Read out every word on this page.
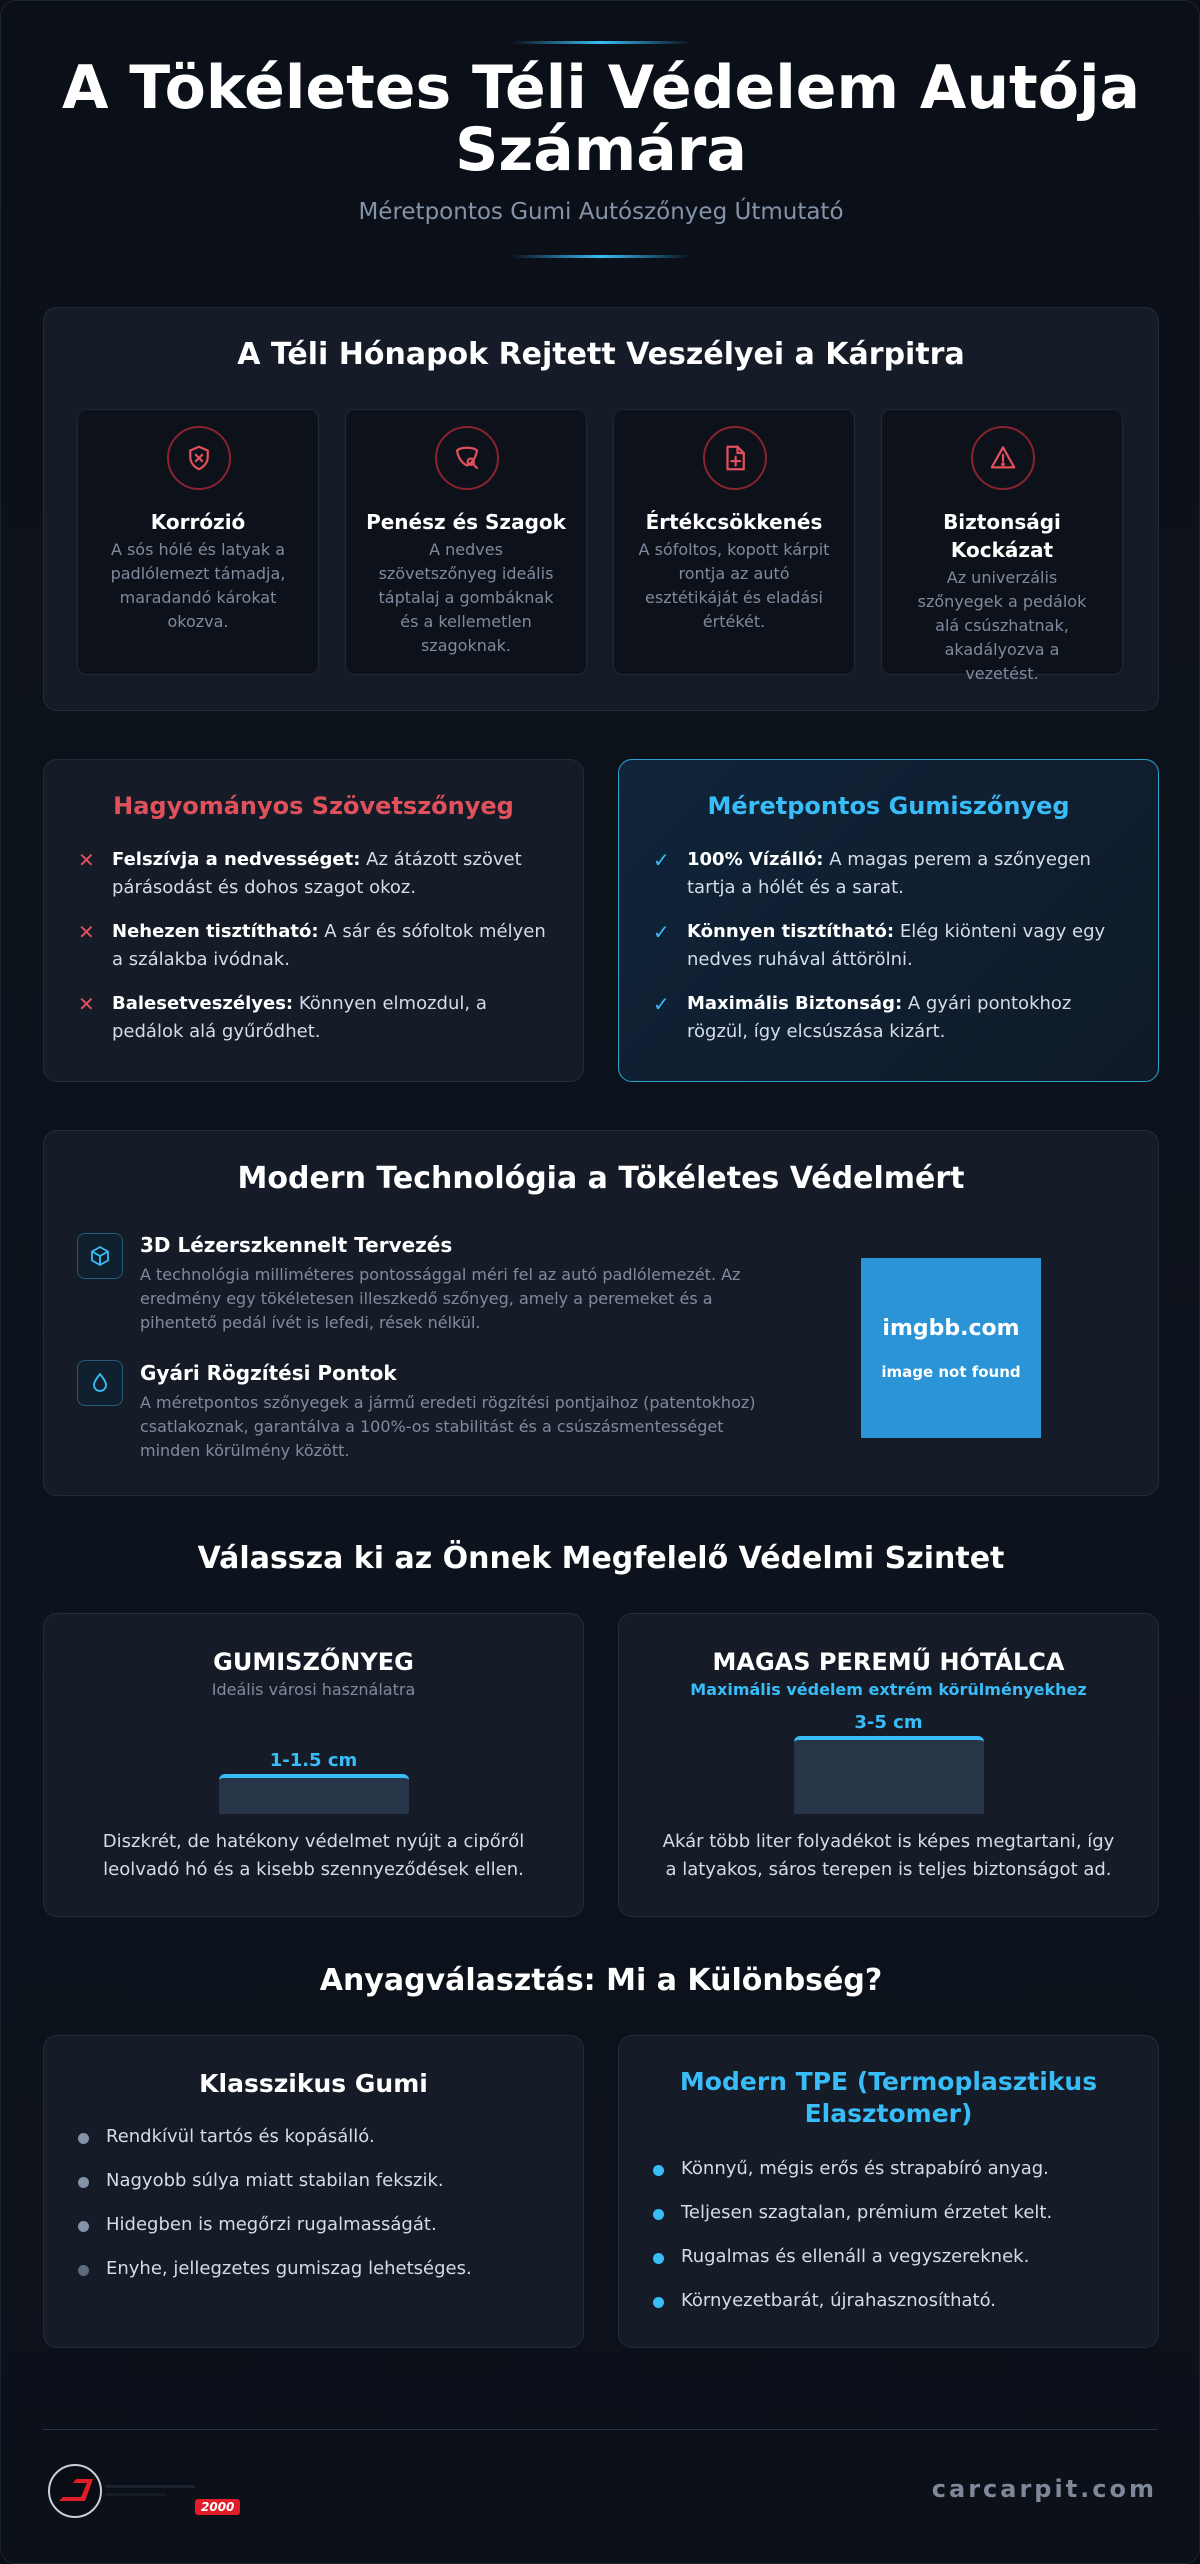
A Tökéletes Téli Védelem Autója Számára
Méretpontos Gumi Autószőnyeg Útmutató
A Téli Hónapok Rejtett Veszélyei a Kárpitra
Korrózió
A sós hólé és latyak a padlólemezt támadja, maradandó károkat okozva.
Penész és Szagok
A nedves szövetszőnyeg ideális táptalaj a gombáknak és a kellemetlen szagoknak.
Értékcsökkenés
A sófoltos, kopott kárpit rontja az autó esztétikáját és eladási értékét.
Biztonsági Kockázat
Az univerzális szőnyegek a pedálok alá csúszhatnak, akadályozva a vezetést.
Hagyományos Szövetszőnyeg
✕ Felszívja a nedvességet: Az átázott szövet párásodást és dohos szagot okoz.
✕ Nehezen tisztítható: A sár és sófoltok mélyen a szálakba ivódnak.
✕ Balesetveszélyes: Könnyen elmozdul, a pedálok alá gyűrődhet.
Méretpontos Gumiszőnyeg
✓ 100% Vízálló: A magas perem a szőnyegen tartja a hólét és a sarat.
✓ Könnyen tisztítható: Elég kiönteni vagy egy nedves ruhával áttörölni.
✓ Maximális Biztonság: A gyári pontokhoz rögzül, így elcsúszása kizárt.
Modern Technológia a Tökéletes Védelmért
3D Lézerszkennelt Tervezés
A technológia milliméteres pontossággal méri fel az autó padlólemezét. Az eredmény egy tökéletesen illeszkedő szőnyeg, amely a peremeket és a pihentető pedál ívét is lefedi, rések nélkül.
Gyári Rögzítési Pontok
A méretpontos szőnyegek a jármű eredeti rögzítési pontjaihoz (patentokhoz) csatlakoznak, garantálva a 100%-os stabilitást és a csúszásmentességet minden körülmény között.
imgbb.com
image not found
Válassza ki az Önnek Megfelelő Védelmi Szintet
GUMISZŐNYEG
Ideális városi használatra
1-1.5 cm
Diszkrét, de hatékony védelmet nyújt a cipőről leolvadó hó és a kisebb szennyeződések ellen.
MAGAS PEREMŰ HÓTÁLCA
Maximális védelem extrém körülményekhez
3-5 cm
Akár több liter folyadékot is képes megtartani, így a latyakos, sáros terepen is teljes biztonságot ad.
Anyagválasztás: Mi a Különbség?
Klasszikus Gumi
Rendkívül tartós és kopásálló.
Nagyobb súlya miatt stabilan fekszik.
Hidegben is megőrzi rugalmasságát.
Enyhe, jellegzetes gumiszag lehetséges.
Modern TPE (Termoplasztikus Elasztomer)
Könnyű, mégis erős és strapabíró anyag.
Teljesen szagtalan, prémium érzetet kelt.
Rugalmas és ellenáll a vegyszereknek.
Környezetbarát, újrahasznosítható.
2000
carcarpit.com
